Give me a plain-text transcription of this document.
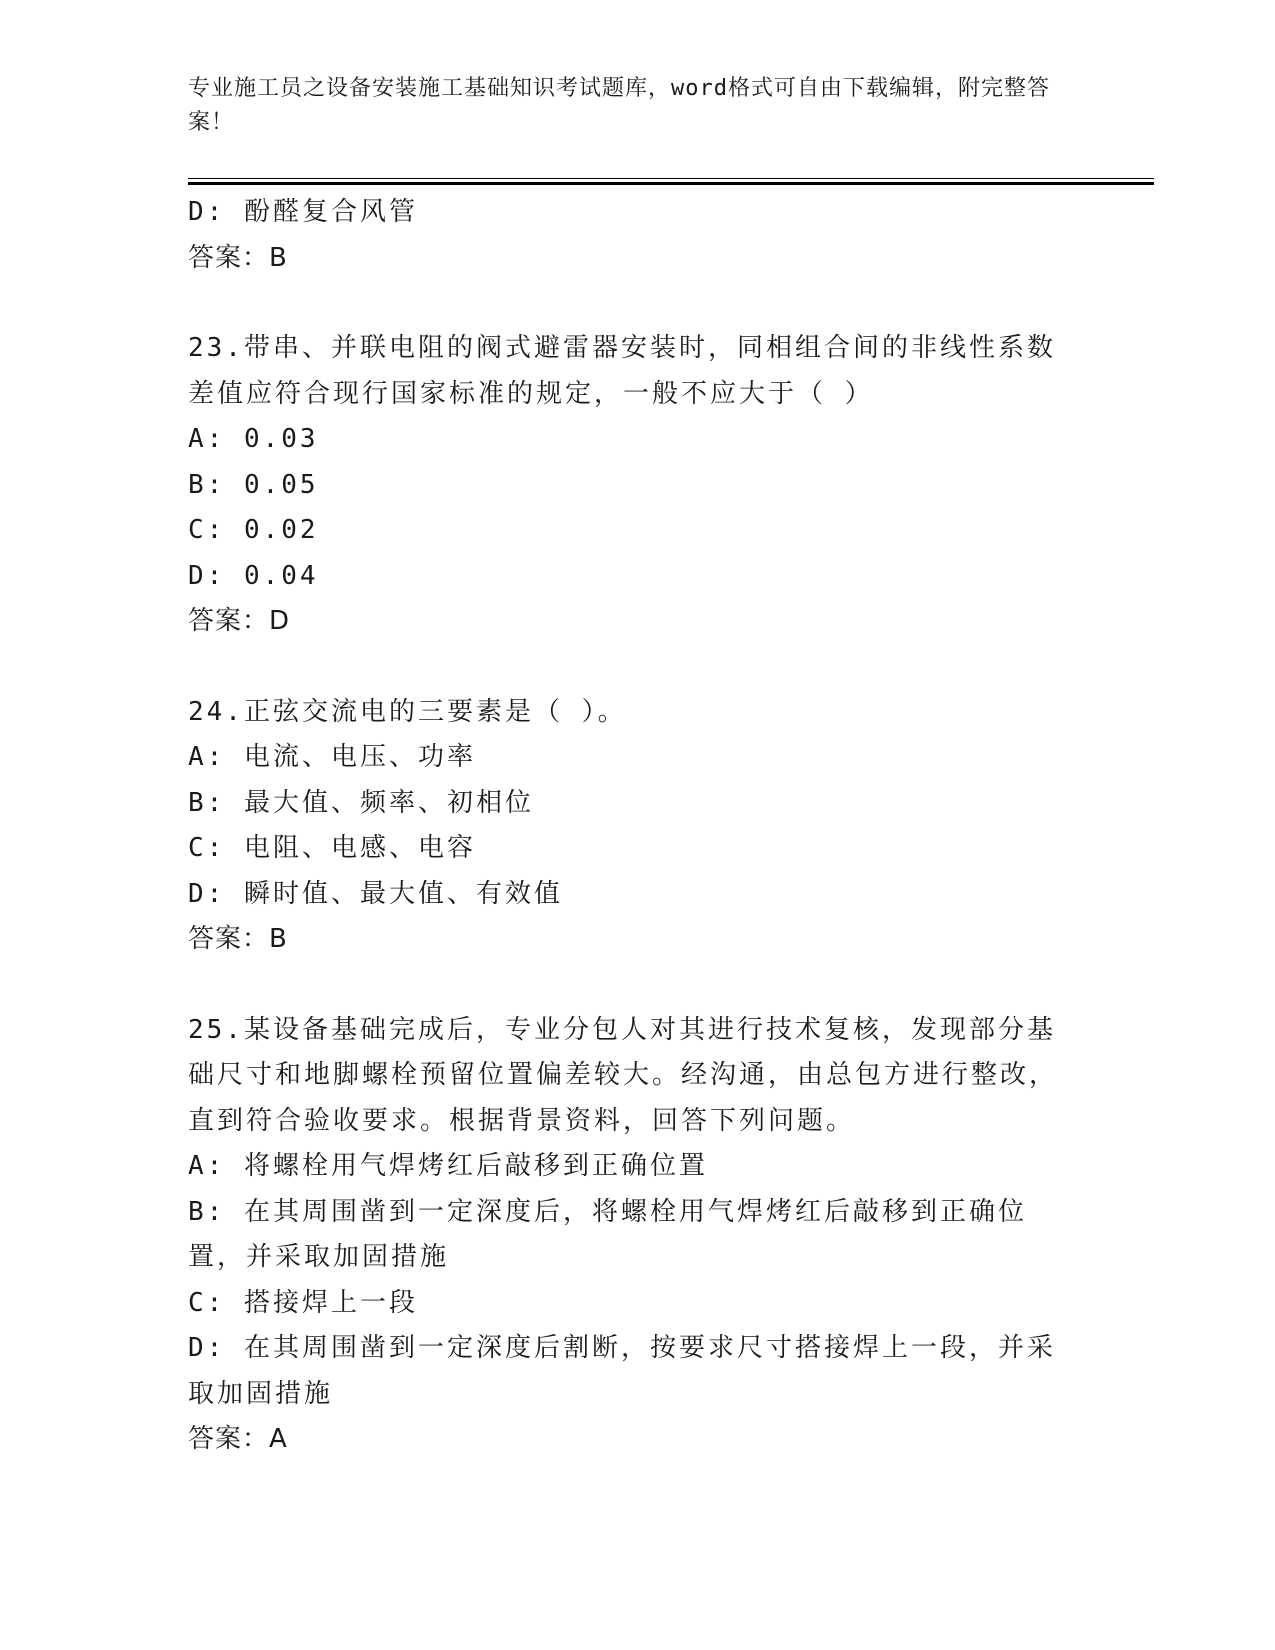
专业施工员之设备安装施工基础知识考试题库，word格式可自由下载编辑，附完整答案！

D: 酚醛复合风管

答案：B

23.带串、并联电阻的阀式避雷器安装时，同相组合间的非线性系数差值应符合现行国家标准的规定，一般不应大于（ ）

A: 0.03

B: 0.05

C: 0.02

D: 0.04

答案：D

24.正弦交流电的三要素是（ ）。

A: 电流、电压、功率

B: 最大值、频率、初相位

C: 电阻、电感、电容

D: 瞬时值、最大值、有效值

答案：B

25.某设备基础完成后，专业分包人对其进行技术复核，发现部分基础尺寸和地脚螺栓预留位置偏差较大。经沟通，由总包方进行整改，直到符合验收要求。根据背景资料，回答下列问题。

A: 将螺栓用气焊烤红后敲移到正确位置

B: 在其周围凿到一定深度后，将螺栓用气焊烤红后敲移到正确位置，并采取加固措施

C: 搭接焊上一段

D: 在其周围凿到一定深度后割断，按要求尺寸搭接焊上一段，并采取加固措施

答案：A
